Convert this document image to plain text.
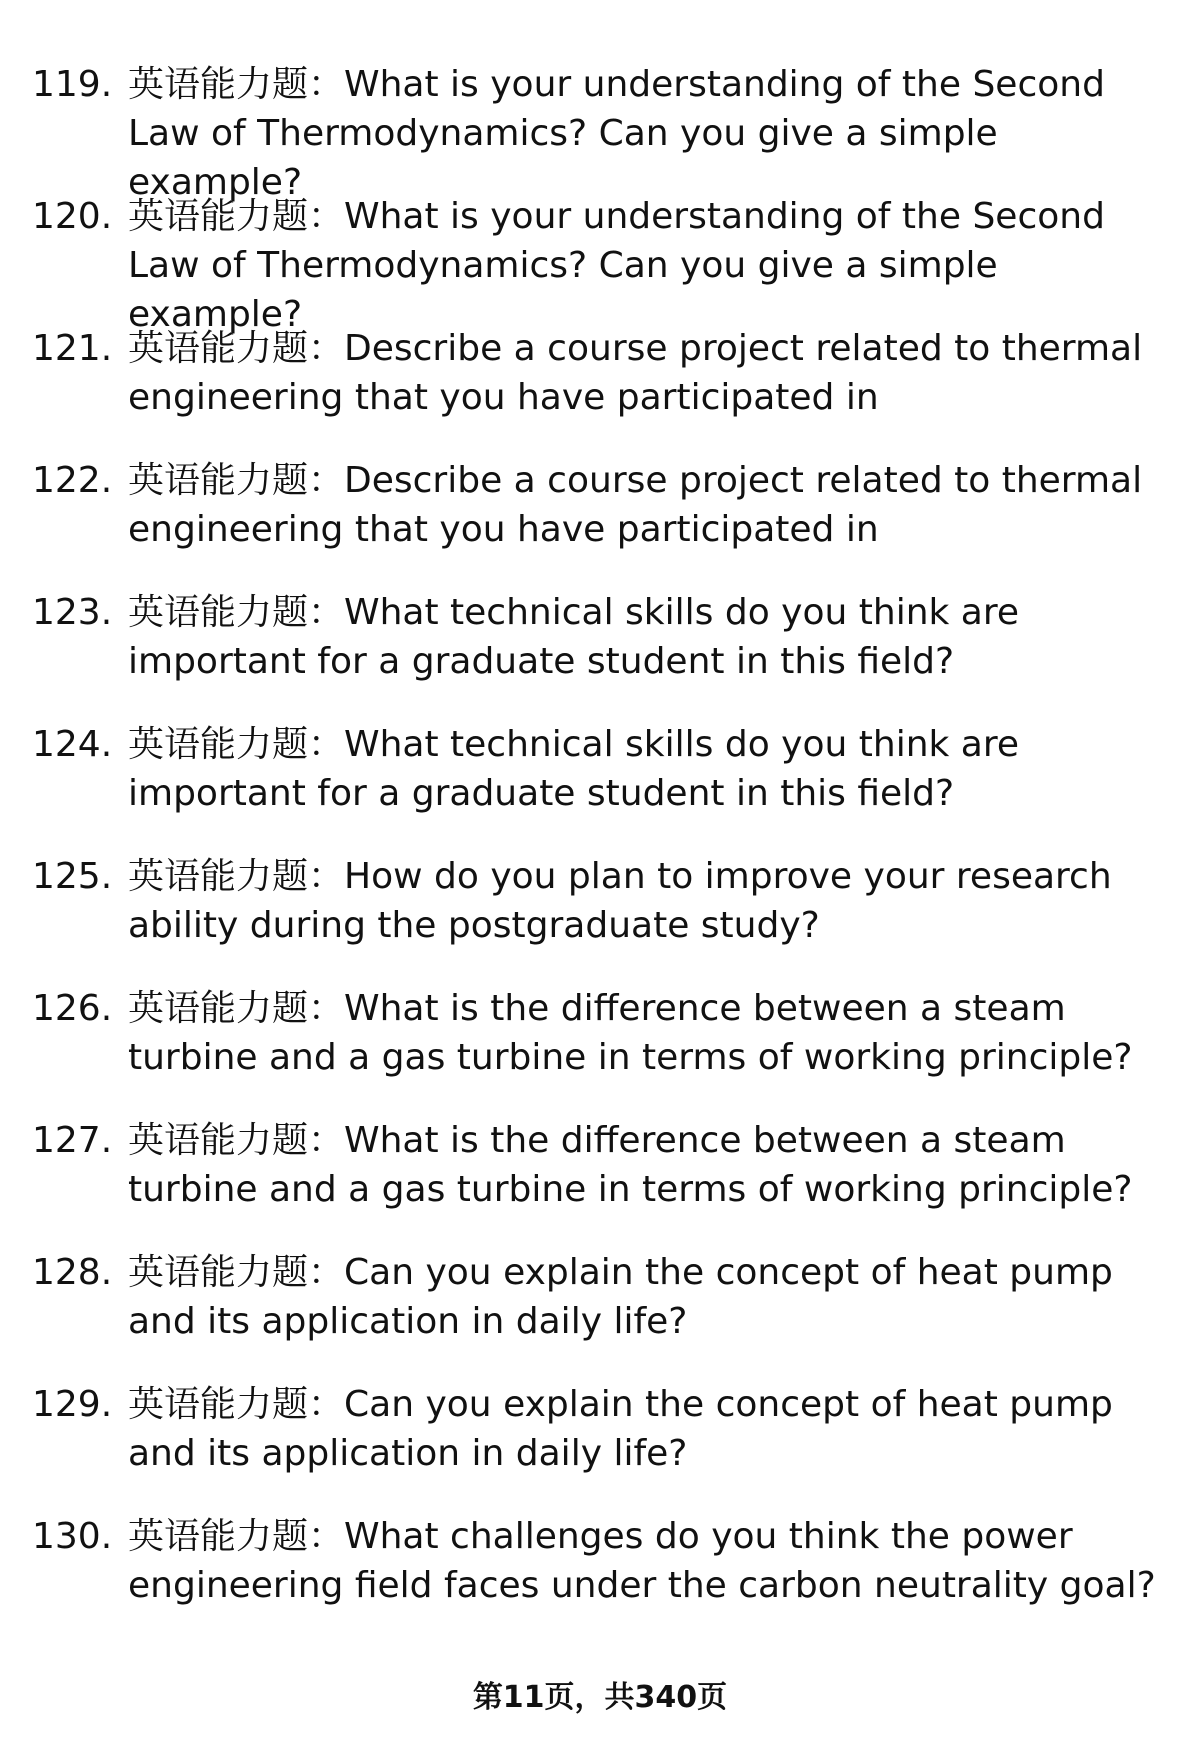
119. 英语能力题：What is your understanding of the Second Law of Thermodynamics? Can you give a simple example?
120. 英语能力题：What is your understanding of the Second Law of Thermodynamics? Can you give a simple example?
121. 英语能力题：Describe a course project related to thermal engineering that you have participated in
122. 英语能力题：Describe a course project related to thermal engineering that you have participated in
123. 英语能力题：What technical skills do you think are important for a graduate student in this field?
124. 英语能力题：What technical skills do you think are important for a graduate student in this field?
125. 英语能力题：How do you plan to improve your research ability during the postgraduate study?
126. 英语能力题：What is the difference between a steam turbine and a gas turbine in terms of working principle?
127. 英语能力题：What is the difference between a steam turbine and a gas turbine in terms of working principle?
128. 英语能力题：Can you explain the concept of heat pump and its application in daily life?
129. 英语能力题：Can you explain the concept of heat pump and its application in daily life?
130. 英语能力题：What challenges do you think the power engineering field faces under the carbon neutrality goal?
第11页，共340页
